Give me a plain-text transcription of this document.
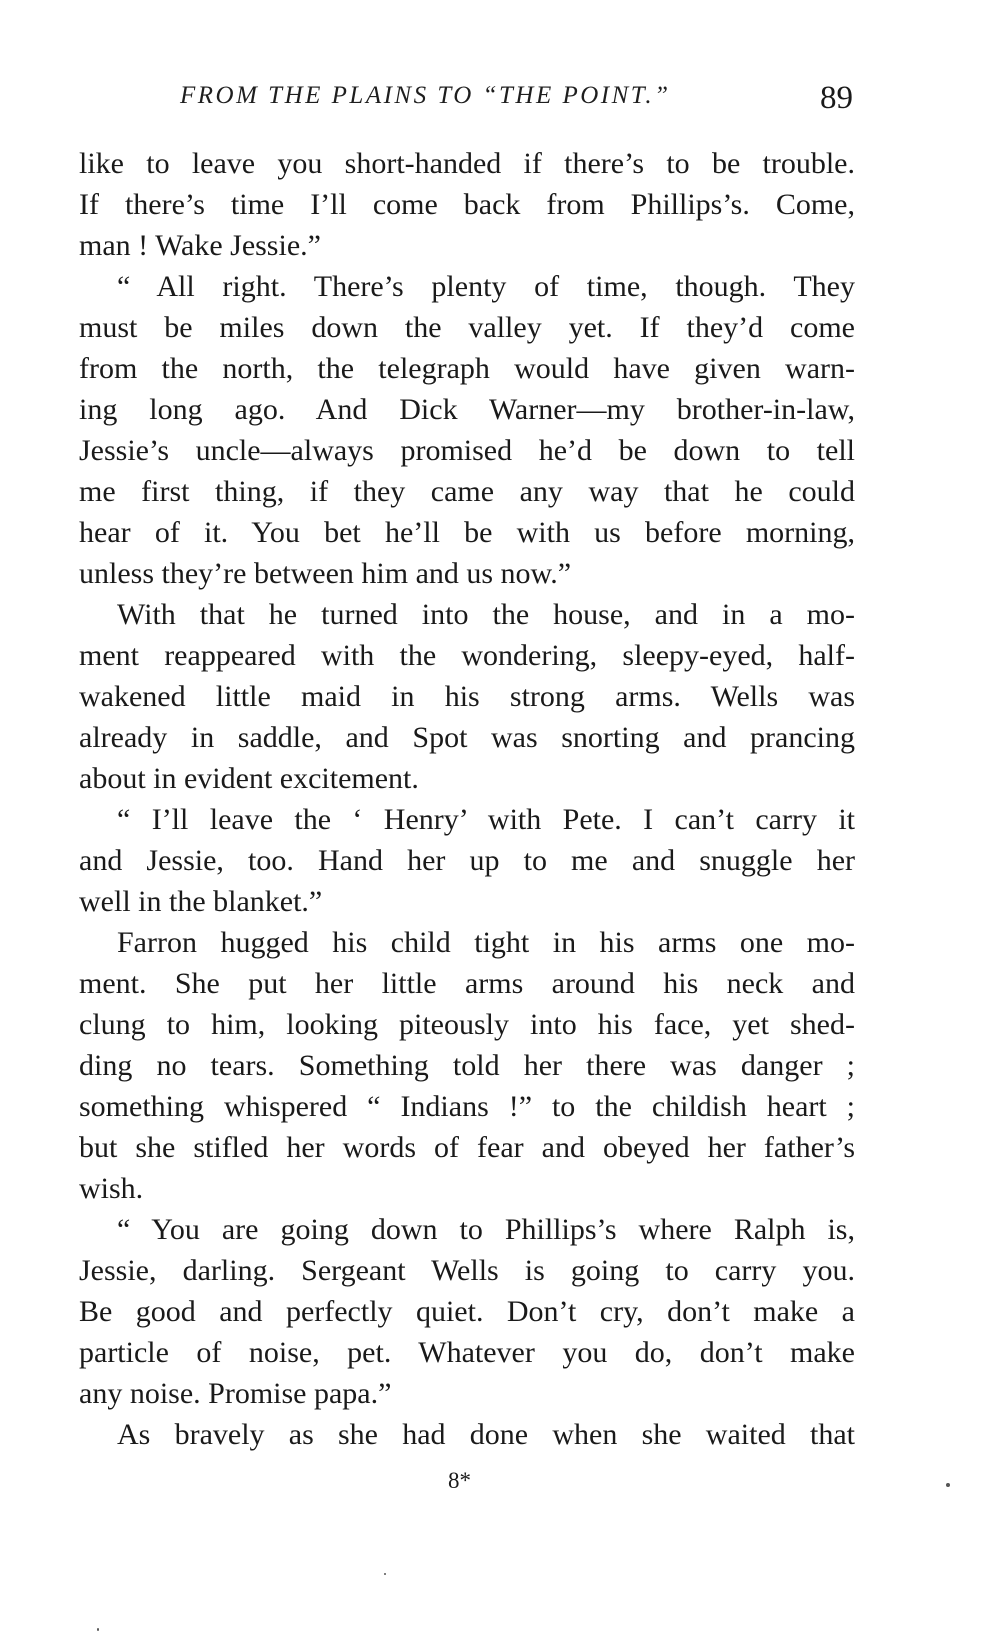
FROM THE PLAINS TO “THE POINT.”	89
like to leave you short-handed if there’s to be trouble.
If there’s time I’ll come back from Phillips’s. Come,
man ! Wake Jessie.”
“ All right. There’s plenty of time, though. They
must be miles down the valley yet. If they’d come
from the north, the telegraph would have given warn-
ing long ago. And Dick Warner—my brother-in-law,
Jessie’s uncle—always promised he’d be down to tell
me first thing, if they came any way that he could
hear of it. You bet he’ll be with us before morning,
unless they’re between him and us now.”
With that he turned into the house, and in a mo-
ment reappeared with the wondering, sleepy-eyed, half-
wakened little maid in his strong arms. Wells was
already in saddle, and Spot was snorting and prancing
about in evident excitement.
“ I’ll leave the ‘ Henry’ with Pete. I can’t carry it
and Jessie, too. Hand her up to me and snuggle her
well in the blanket.”
Farron hugged his child tight in his arms one mo-
ment. She put her little arms around his neck and
clung to him, looking piteously into his face, yet shed-
ding no tears. Something told her there was danger ;
something whispered “ Indians !” to the childish heart ;
but she stifled her words of fear and obeyed her father’s
wish.
“ You are going down to Phillips’s where Ralph is,
Jessie, darling. Sergeant Wells is going to carry you.
Be good and perfectly quiet. Don’t cry, don’t make a
particle of noise, pet. Whatever you do, don’t make
any noise. Promise papa.”
As bravely as she had done when she waited that
8*
